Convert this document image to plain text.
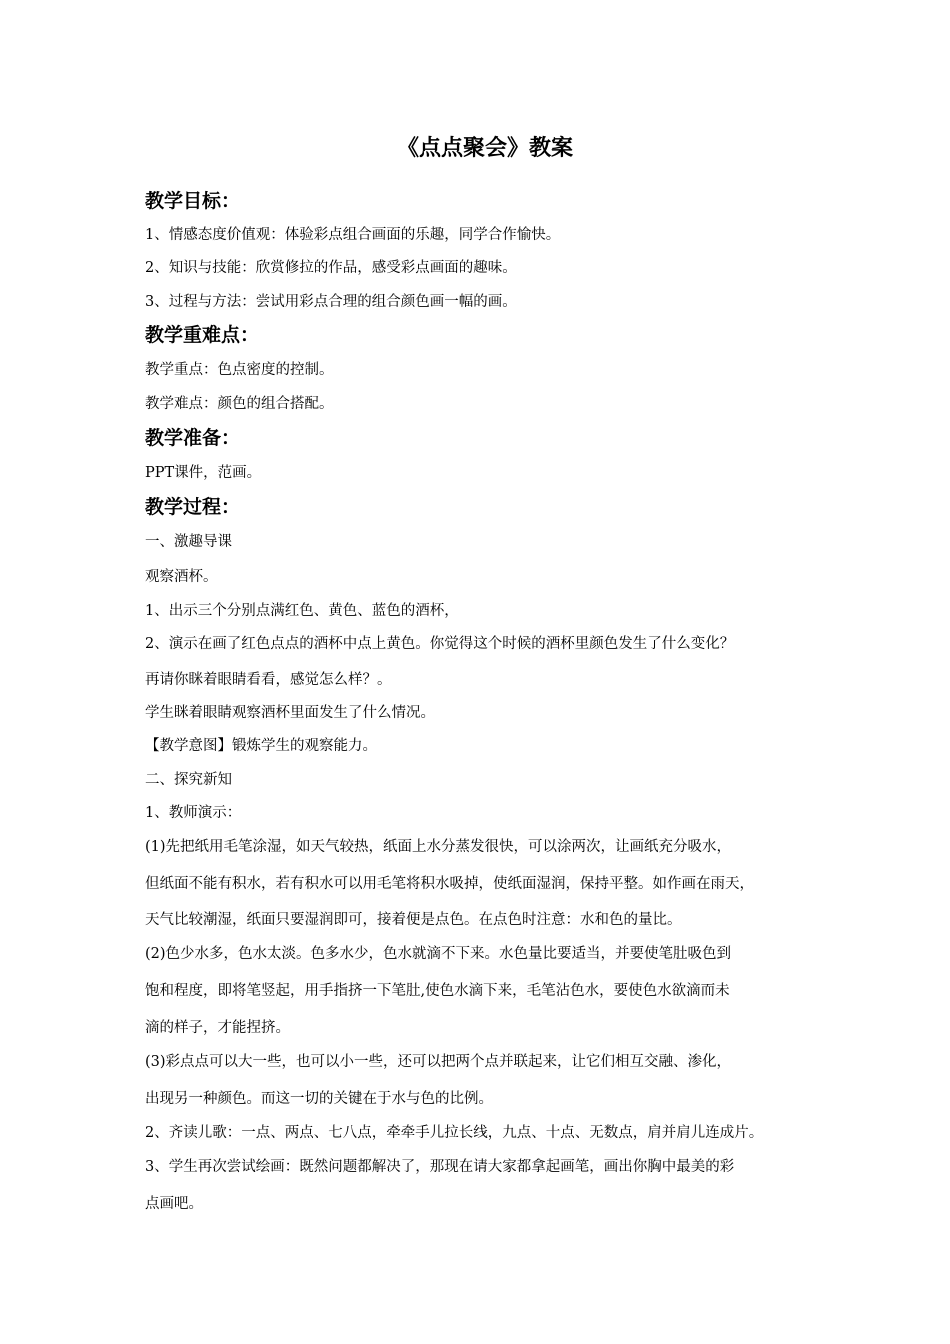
《点点聚会》教案
教学目标：

1、情感态度价值观：体验彩点组合画面的乐趣，同学合作愉快。

2、知识与技能：欣赏修拉的作品，感受彩点画面的趣味。

3、过程与方法：尝试用彩点合理的组合颜色画一幅的画。

教学重难点：

教学重点：色点密度的控制。

教学难点：颜色的组合搭配。

教学准备：

PPT课件，范画。

教学过程：

一、激趣导课

观察酒杯。

1、出示三个分别点满红色、黄色、蓝色的酒杯，

2、演示在画了红色点点的酒杯中点上黄色。你觉得这个时候的酒杯里颜色发生了什么变化？

再请你眯着眼睛看看，感觉怎么样？。

学生眯着眼睛观察酒杯里面发生了什么情况。

【教学意图】锻炼学生的观察能力。

二、探究新知

1、教师演示：

(1)先把纸用毛笔涂湿，如天气较热，纸面上水分蒸发很快，可以涂两次，让画纸充分吸水，

但纸面不能有积水，若有积水可以用毛笔将积水吸掉，使纸面湿润，保持平整。如作画在雨天，

天气比较潮湿，纸面只要湿润即可，接着便是点色。在点色时注意：水和色的量比。

(2)色少水多，色水太淡。色多水少，色水就滴不下来。水色量比要适当，并要使笔肚吸色到

饱和程度，即将笔竖起，用手指挤一下笔肚,使色水滴下来，毛笔沾色水，要使色水欲滴而未

滴的样子，才能捏挤。

(3)彩点点可以大一些，也可以小一些，还可以把两个点并联起来，让它们相互交融、渗化，

出现另一种颜色。而这一切的关键在于水与色的比例。

2、齐读儿歌：一点、两点、七八点，牵牵手儿拉长线，九点、十点、无数点，肩并肩儿连成片。

3、学生再次尝试绘画：既然问题都解决了，那现在请大家都拿起画笔，画出你胸中最美的彩

点画吧。
